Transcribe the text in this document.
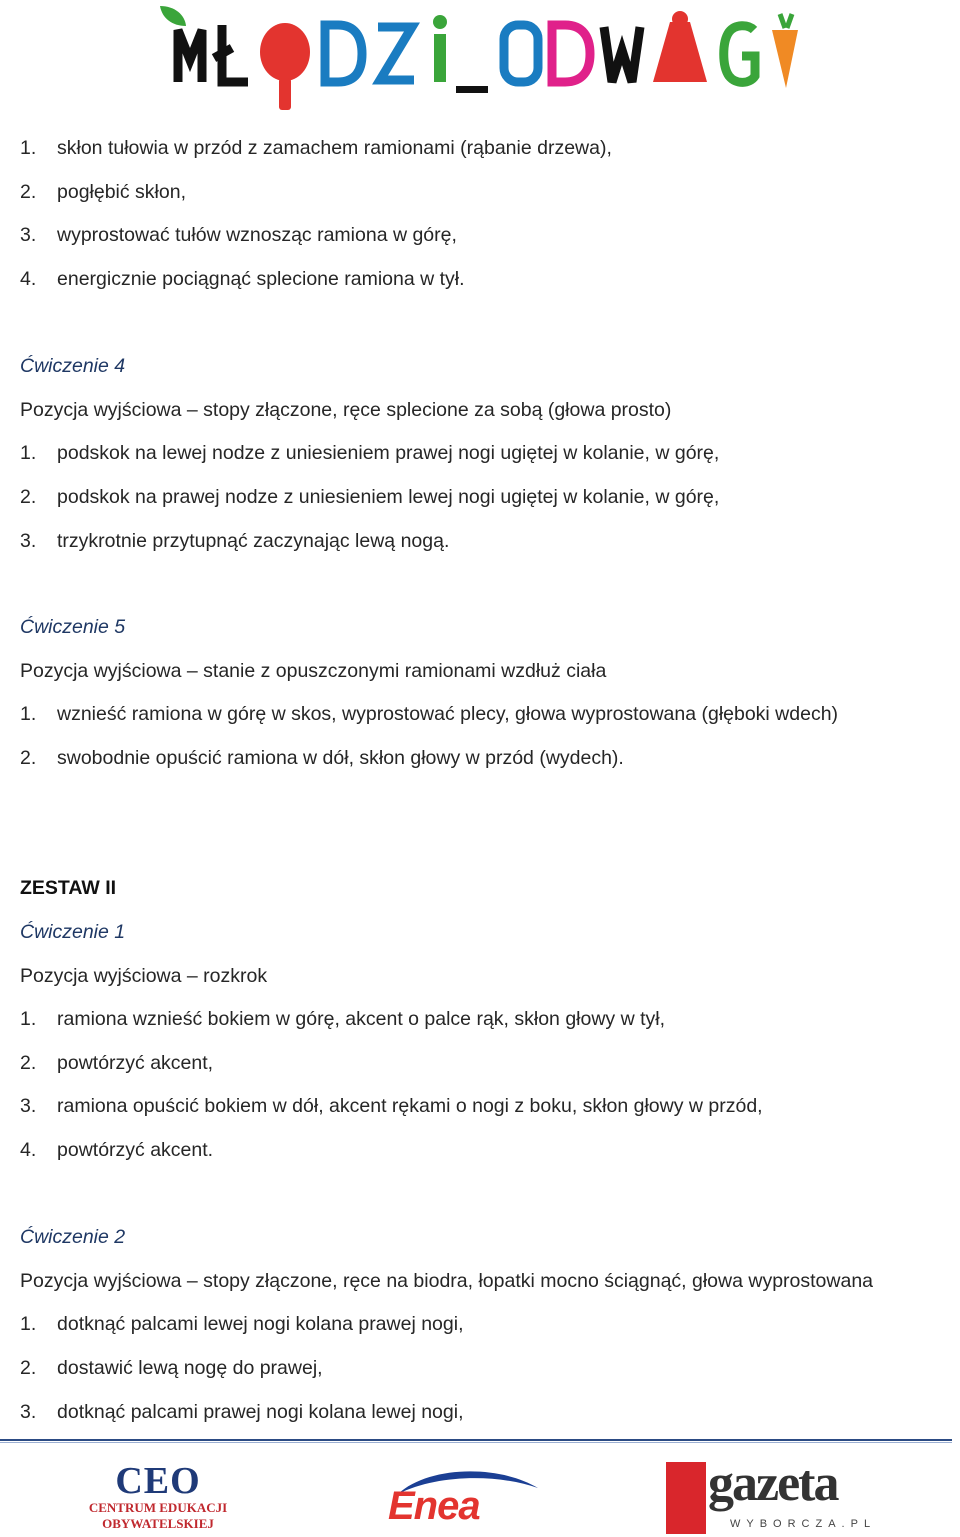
1. skłon tułowia w przód z zamachem ramionami (rąbanie drzewa),
2. pogłębić skłon,
3. wyprostować tułów wznosząc ramiona w górę,
4. energicznie pociągnąć splecione ramiona w tył.
Ćwiczenie 4
Pozycja wyjściowa – stopy złączone, ręce splecione za sobą (głowa prosto)
1. podskok na lewej nodze z uniesieniem prawej nogi ugiętej w kolanie, w górę,
2. podskok na prawej nodze z uniesieniem lewej nogi ugiętej w kolanie, w górę,
3. trzykrotnie przytupnąć zaczynając lewą nogą.
Ćwiczenie 5
Pozycja wyjściowa – stanie z opuszczonymi ramionami wzdłuż ciała
1. wznieść ramiona w górę w skos, wyprostować plecy, głowa wyprostowana (głęboki wdech)
2. swobodnie opuścić ramiona w dół, skłon głowy w przód (wydech).
ZESTAW II
Ćwiczenie 1
Pozycja wyjściowa – rozkrok
1. ramiona wznieść bokiem w górę, akcent o palce rąk, skłon głowy w tył,
2. powtórzyć akcent,
3. ramiona opuścić bokiem w dół, akcent rękami o nogi z boku, skłon głowy w przód,
4. powtórzyć akcent.
Ćwiczenie 2
Pozycja wyjściowa – stopy złączone, ręce na biodra, łopatki mocno ściągnąć, głowa wyprostowana
1. dotknąć palcami lewej nogi kolana prawej nogi,
2. dostawić lewą nogę do prawej,
3. dotknąć palcami prawej nogi kolana lewej nogi,
CEO
CENTRUM EDUKACJI
OBYWATELSKIEJ	Enea	gazeta
WYBORCZA.PL
